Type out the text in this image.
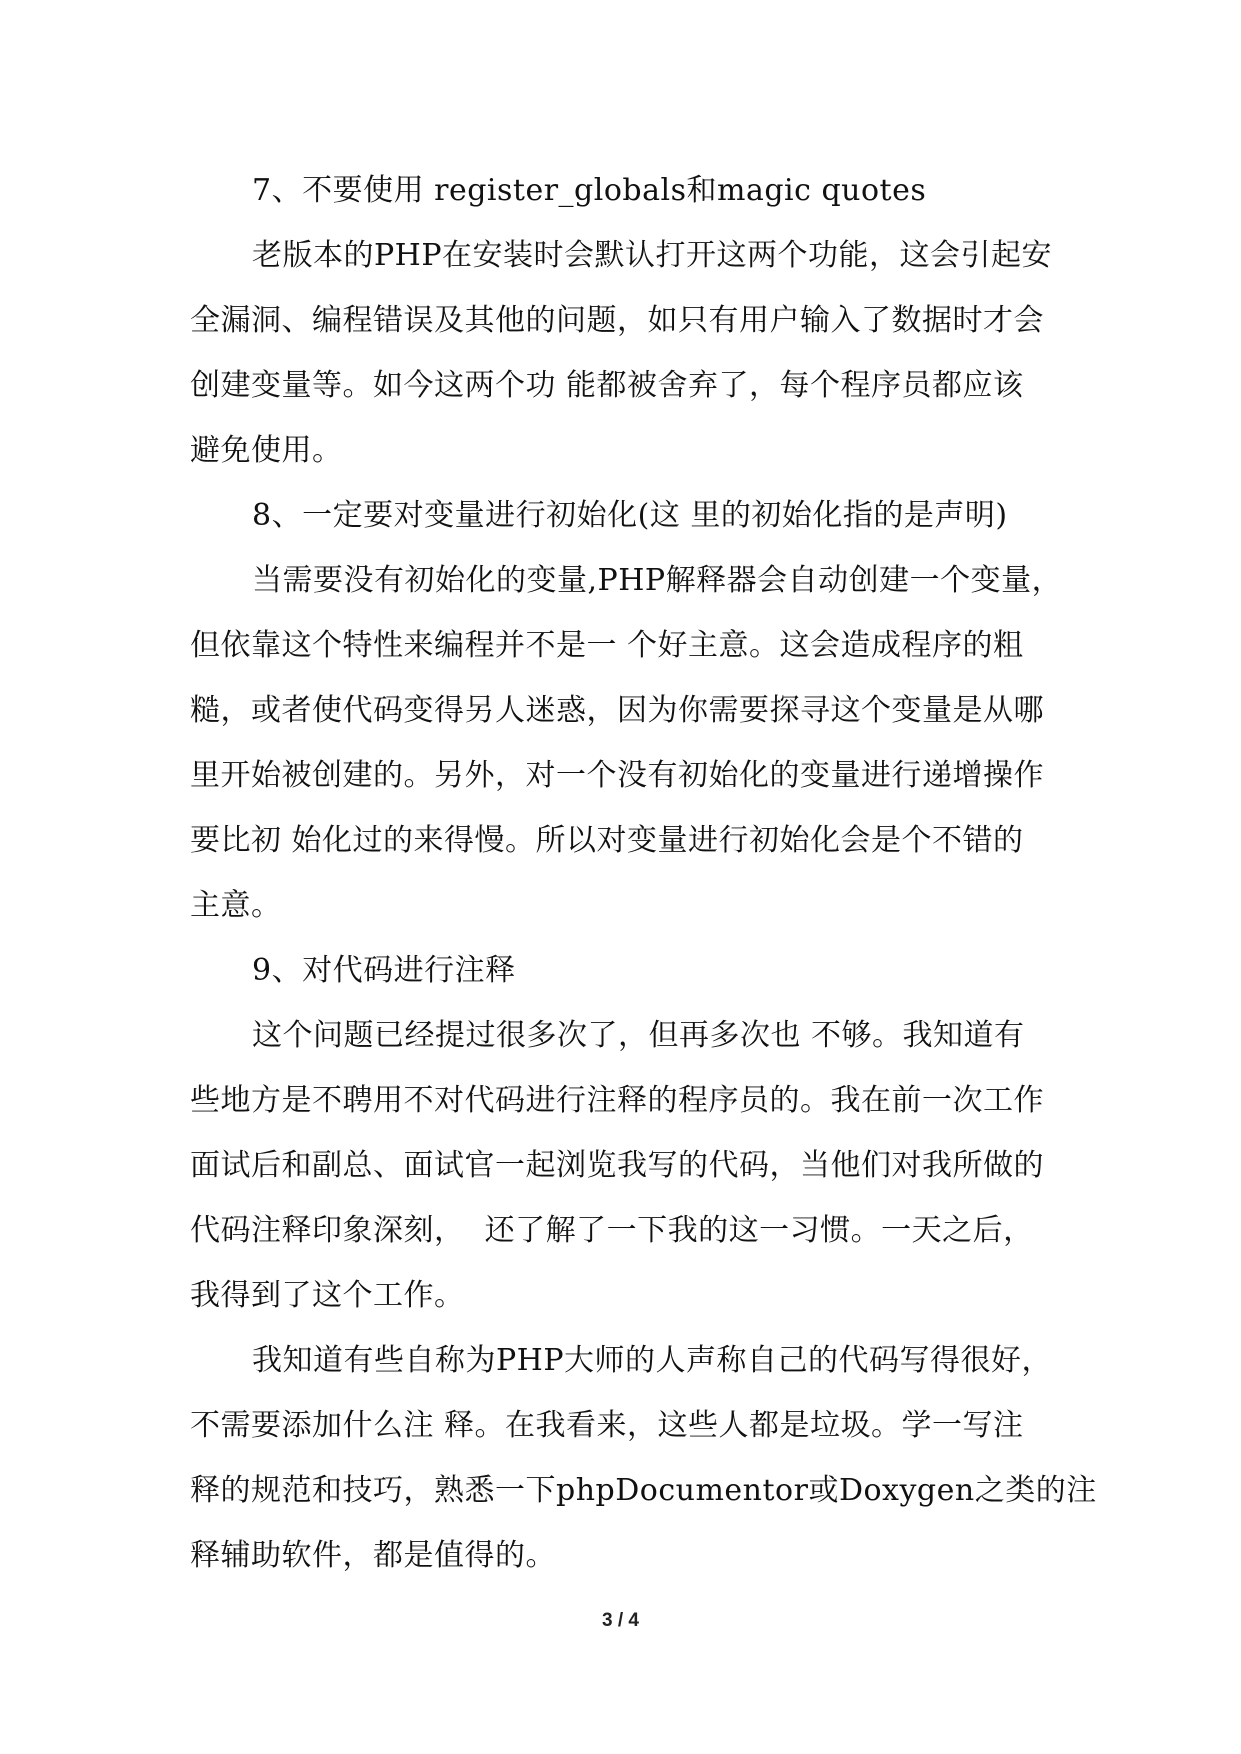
7、不要使用 register_globals和magic quotes
老版本的PHP在安装时会默认打开这两个功能，这会引起安
全漏洞、编程错误及其他的问题，如只有用户输入了数据时才会
创建变量等。如今这两个功 能都被舍弃了，每个程序员都应该
避免使用。
8、一定要对变量进行初始化(这 里的初始化指的是声明)
当需要没有初始化的变量,PHP解释器会自动创建一个变量，
但依靠这个特性来编程并不是一 个好主意。这会造成程序的粗
糙，或者使代码变得另人迷惑，因为你需要探寻这个变量是从哪
里开始被创建的。另外，对一个没有初始化的变量进行递增操作
要比初 始化过的来得慢。所以对变量进行初始化会是个不错的
主意。
9、对代码进行注释
这个问题已经提过很多次了，但再多次也 不够。我知道有
些地方是不聘用不对代码进行注释的程序员的。我在前一次工作
面试后和副总、面试官一起浏览我写的代码，当他们对我所做的
代码注释印象深刻，  还了解了一下我的这一习惯。一天之后，
我得到了这个工作。
我知道有些自称为PHP大师的人声称自己的代码写得很好，
不需要添加什么注 释。在我看来，这些人都是垃圾。学一写注
释的规范和技巧，熟悉一下phpDocumentor或Doxygen之类的注
释辅助软件，都是值得的。
3 / 4
